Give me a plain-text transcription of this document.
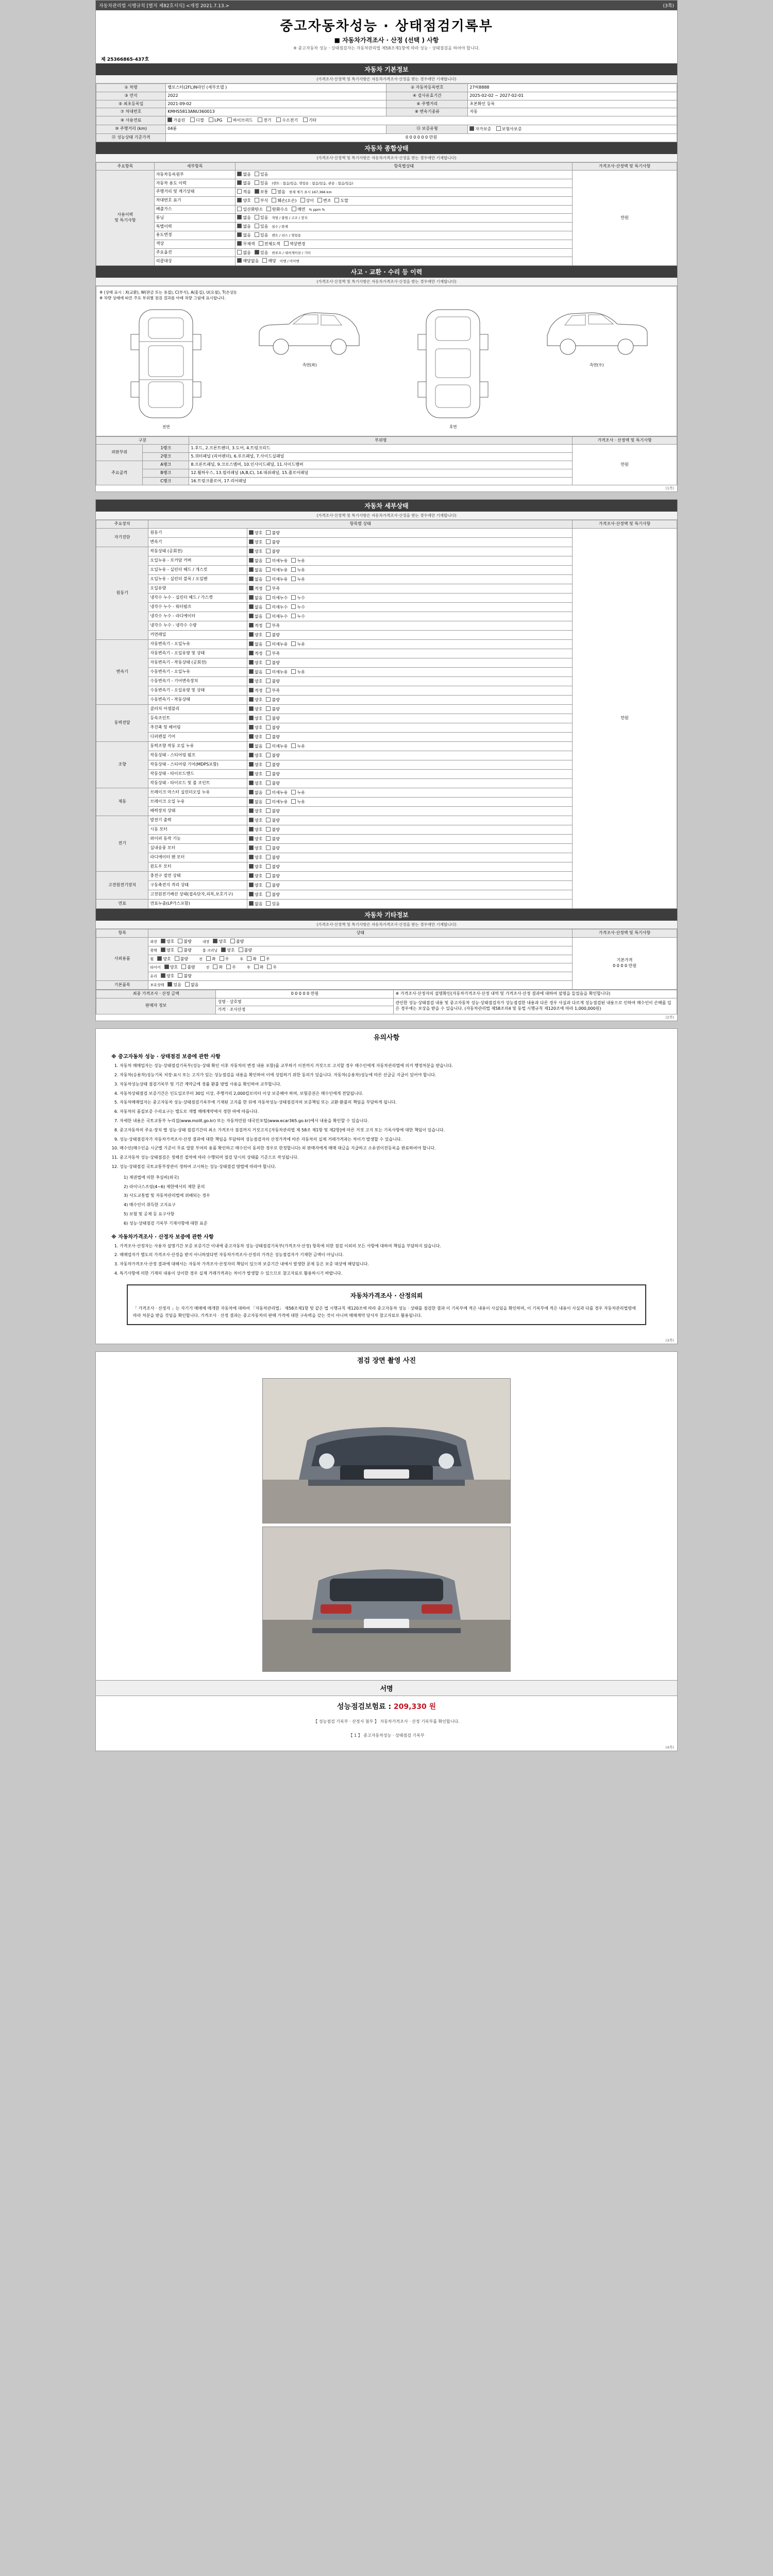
자동차관리법 시행규칙 [별지 제82호서식] <개정 2021.7.13.>	(3쪽)
중고자동차성능 · 상태점검기록부
■ 자동차가격조사 · 산정 (선택 ) 사항
※ 중고자동차 성능ㆍ상태점검자는 자동차관리법 제58조제1항에 따라 성능ㆍ상태점검을 하여야 합니다.
제 25366865-437호
자동차 기본정보
(가격조사·산정액 및 특기사항은 자동차가격조사·산정을 받는 경우에만 기재합니다)
① 차명	벨로스터(2FL)N라인 (세부모델 )	② 자동차등록번호	27허8888
③ 연식	2022	④ 검사유효기간	2025-02-02 ~ 2027-02-01
⑤ 최초등록일	2021-09-02	⑥ 주행거리	초본확인 등록
⑦ 차대번호	KMHS5813ANU360013	⑧ 변속기종류	자동
⑨ 사용연료	가솔린 디젤 LPG 하이브리드 전기 수소전기 기타		
⑩ 주행거리 (km)	04륜	⑪ 보증유형	자가보증 보험사보증
⑫ 성능상태 기준가격	0 0 0 0 0 0 만원		
자동차 종합상태
(가격조사·산정액 및 특기사항은 자동차가격조사·산정을 받는 경우에만 기재합니다)
주요항목	세부항목	항목별상태	가격조사·산정액 및 특기사항
사용이력
및 특기사항	자동차등록원부	없음 있음	만원
	자동차 용도 이력	없음 있음 (렌트 : 없음/있음, 영업용 : 없음/있음, 관용 : 없음/있음)	
	주행거리 및 계기상태	적음 보통 많음 현재 계기 표시 167,366 km	
	차대번호 표기	양호 부식 훼손(오손) 상이 변조 도말	
	배출가스	일산화탄소 탄화수소 매연 % ppm %	
	튜닝	없음 있음 적법 / 불법 / 구조 / 장치	
	특별이력	없음 있음 침수 / 화재	
	용도변경	없음 있음 렌트 / 리스 / 영업용	
	색상	무채색 전체도색 색상변경	
	주요옵션	없음 있음 썬루프 / 내비게이션 / 기타	
	리콜대상	해당없음 해당 이행 / 미이행	
사고 · 교환 · 수리 등 이력
(가격조사·산정액 및 특기사항은 자동차가격조사·산정을 받는 경우에만 기재합니다)
※ (상태 표시 : X(교환), W(판금 또는 용접), C(부식), A(흠집), U(요철), T(손상))
※ 차량 상태에 따른 주요 부위별 점검 결과를 아래 차량 그림에 표시합니다.
전면
측면(좌)
후면
측면(우)
구분		부위명	가격조사 · 산정액 및 특기사항
외판부위	1랭크	1.후드, 2.프론트펜더, 3.도어, 4.트렁크리드	만원
	2랭크	5.쿼터패널 (리어펜더), 6.루프패널, 7.사이드실패널	
주요골격	A랭크	8.프론트패널, 9.크로스멤버, 10.인사이드패널, 11.사이드멤버	
	B랭크	12.휠하우스, 13.필러패널 (A,B,C), 14.대쉬패널, 15.플로어패널	
	C랭크	16.트렁크플로어, 17.리어패널	
(1쪽)
자동차 세부상태
(가격조사·산정액 및 특기사항은 자동차가격조사·산정을 받는 경우에만 기재합니다)
주요장치	항목별 상태		가격조사·산정액 및 특기사항
자기진단	원동기	양호 불량	만원
	변속기	양호 불량	
원동기	작동상태 (공회전)	양호 불량	
	오일누유 - 로커암 커버	없음 미세누유 누유	
	오일누유 - 실린더 헤드 / 개스킷	없음 미세누유 누유	
	오일누유 - 실린더 블록 / 오일팬	없음 미세누유 누유	
	오일유량	적정 부족	
	냉각수 누수 - 실린더 헤드 / 가스켓	없음 미세누수 누수	
	냉각수 누수 - 워터펌프	없음 미세누수 누수	
	냉각수 누수 - 라디에이터	없음 미세누수 누수	
	냉각수 누수 - 냉각수 수량	적정 부족	
	커먼레일	양호 불량	
변속기	자동변속기 - 오일누유	없음 미세누유 누유	
	자동변속기 - 오일유량 및 상태	적정 부족	
	자동변속기 - 작동상태 (공회전)	양호 불량	
	수동변속기 - 오일누유	없음 미세누유 누유	
	수동변속기 - 기어변속장치	양호 불량	
	수동변속기 - 오일유량 및 상태	적정 부족	
	수동변속기 - 작동상태	양호 불량	
동력전달	클러치 어셈블리	양호 불량	
	등속조인트	양호 불량	
	추진축 및 베어링	양호 불량	
	디퍼렌셜 기어	양호 불량	
조향	동력조향 작동 오일 누유	없음 미세누유 누유	
	작동상태 - 스티어링 펌프	양호 불량	
	작동상태 - 스티어링 기어(MDPS포함)	양호 불량	
	작동상태 - 타이로드엔드	양호 불량	
	작동상태 - 타이로드 및 볼 조인트	양호 불량	
제동	브레이크 마스터 실린더오일 누유	없음 미세누유 누유	
	브레이크 오일 누유	없음 미세누유 누유	
	배력장치 상태	양호 불량	
전기	발전기 출력	양호 불량	
	시동 모터	양호 불량	
	와이퍼 동작 기능	양호 불량	
	실내송풍 모터	양호 불량	
	라디에이터 팬 모터	양호 불량	
	윈도우 모터	양호 불량	
고전원전기장치	충전구 절연 상태	양호 불량	
	구동축전지 격리 상태	양호 불량	
	고전원전기배선 상태(접속단자,피복,보호기구)	양호 불량	
연료	연료누출(LP가스포함)	없음 있음	
자동차 기타정보
(가격조사·산정액 및 특기사항은 자동차가격조사·산정을 받는 경우에만 기재합니다)
항목	상태	가격조사·산정액 및 특기사항
사외용품	외장 양호 불량 내장 양호 불량	기본가격
0 0 0 0 만원
	광택 양호 불량 룸 크리닝 양호 불량	
	휠 양호 불량 전 좌 우 후 좌 우	
	타이어 양호 불량 전 좌 우 후 좌 우	
	유리 양호 불량	
기본품목	보유상태 있음 없음	
최종 가격조사 · 산정 금액	0 0 0 0 0 만원	※ 가격조사·산정자의 설명확인(자동차가격조사·산정 내역 및 가격조사·산정 결과에 대하여 설명을 들었음을 확인합니다)
판매자 정보	성명 · 상호명	관인한 성능·상태점검 내용 및 중고자동차 성능·상태점검자가 성능점검한 내용과 다른 경우 사실과 다르게 성능점검된 내용으로 인하여 매수인이 손해를 입은 경우에는 보상을 받을 수 있습니다. (자동차관리법 제58조의4 및 동법 시행규칙 제120조에 따라 1,000,000원)
	가격 · 조사산정	
(2쪽)
유의사항
※ 중고자동차 성능 · 상태점검 보증에 관한 사항
1. 자동차 매매업자는 성능·상태점검기록부(성능·상태 확인 이후 자동차의 변경 내용 포함)를 교부하기 이전까지 거짓으로 고지할 경우 매수인에게 자동차관리법에 의거 행정처분을 받습니다.
2. 자동차(승용차)성능기록 저장·표시 또는 고지가 있는 성능점검을 내용을 확인하여 이에 성립하기 위한 동의가 있습니다. 자동차(승용차)성능에 따른 선급금 지급이 있어야 합니다.
3. 자동차성능상태 점검기록부 및 기간 계약금에 정률 환불 방법 사용을 확인하여 교부합니다.
4. 자동차상태점검 보증기간은 인도일로부터 30일 이상, 주행거리 2,000킬로미터 이상 보증해야 하며, 보험증권은 매수인에게 전달됩니다.
5. 자동차매매업자는 중고자동차 성능·상태점검기록부에 기재된 고지를 한 뒤에 자동차성능·상태점검자의 보증책임 또는 교환·환불의 책임을 부담하게 됩니다.
6. 자동차의 품질보증 수리요구는 별도로 개별 매매계약에서 정한 바에 따릅니다.
7. 자세한 내용은 국토교통부 누리집(www.molit.go.kr) 또는 자동차민원 대국민포털(www.ecar365.go.kr)에서 내용을 확인할 수 있습니다.
8. 중고자동차의 주요·장치 별 성능·상태 점검기간의 최소 가격조사 점검까지 거짓고지 [자동차관리법 제 58조 제1항 및 제2항]에 따른 거짓 고지 또는 기록사항에 대한 책임이 있습니다.
9. 성능·상태점검자가 자동차가격조사·산정 결과에 대한 책임을 부담하며 성능점검자의 산정가격에 따른 자동차의 실제 거래가격과는 차이가 발생할 수 있습니다.
10. 매수인(매수인을 시군별 기준이 무료 열람 부여의 용품 확인하고 매수인이 동의한 경우로 한정합니다) 외 판매자에게 매매 대금을 지급하고 소유권이전등록을 완료하여야 합니다.
11. 중고자동차 성능·상태점검은 정해진 절차에 따라 수행되며 점검 당시의 상태를 기준으로 작성됩니다.
12. 성능·상태점검 국토교통부장관이 정하여 고시하는 성능·상태점검 방법에 따라야 합니다.
1) 제권법에 의한 추심비(외국)
2) 라이나스프링(4~6) 제한에서의 제한 문의
3) 사도교통법 및 자동차관리법에 위배되는 경우
4) 매수인이 취득한 고지요구
5) 보험 및 공제 등 요구사항
6) 성능·상태점검 기록부 기재사항에 대한 표준
※ 자동차가격조사 · 산정자 보증에 관한 사항
1. 가격조사·산정자는 사용자 설명기간 보증 보증기간 이내에 중고자동차 성능·상태점검기록부(가격조사·산정) 항목에 의한 점검 이외의 모든 사항에 대하여 책임을 부담하지 않습니다.
2. 매매업자가 별도의 가격조사·산정을 받지 아니하였다면 자동차가격조사·산정의 가격은 성능점검자가 기재한 금액이 아닙니다.
3. 자동차가격조사·산정 결과에 대해서는 자동차 가격조사·산정자의 책임이 있으며 보증기간 내에서 발생한 문제 등은 보증 대상에 해당됩니다.
4. 특기사항에 의한 기재의 내용이 상이한 경우 실제 거래가격과는 차이가 발생할 수 있으므로 참고자료로 활용하시기 바랍니다.
자동차가격조사 · 산정의뢰
「 가격조사 · 산정자 」는 자기가 매매에 매개한 자동차에 대하여 「자동차관리법」 제58조제1항 및 같은 법 시행규칙 제120조에 따라 중고자동차 성능 · 상태를 점검한 결과 이 기록부에 적은 내용이 사실임을 확인하며, 이 기록부에 적은 내용이 사실과 다를 경우 자동차관리법령에 따라 처분을 받을 것임을 확인합니다. 가격조사 · 산정 결과는 중고자동차의 판매 가격에 대한 구속력을 갖는 것이 아니며 매매계약 당사자 참고자료로 활용됩니다.
(3쪽)
점검 장면 촬영 사진
서명
성능점검보험료 : 209,330 원
【 성능점검 기록부 · 산정서 첨부 】 자동차가격조사 · 산정 기록부를 확인합니다.
【 1 】 중고자동차성능 · 상태점검 기록부
(4쪽)
